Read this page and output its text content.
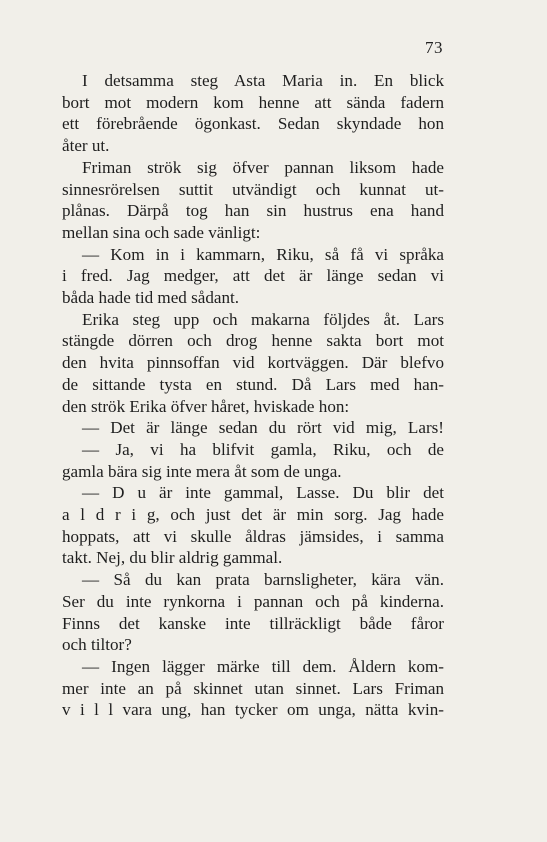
73
I detsamma steg Asta Maria in. En blick
bort mot modern kom henne att sända fadern
ett förebrående ögonkast. Sedan skyndade hon
åter ut.
Friman strök sig öfver pannan liksom hade
sinnesrörelsen suttit utvändigt och kunnat ut-
plånas. Därpå tog han sin hustrus ena hand
mellan sina och sade vänligt:
— Kom in i kammarn, Riku, så få vi språka
i fred. Jag medger, att det är länge sedan vi
båda hade tid med sådant.
Erika steg upp och makarna följdes åt. Lars
stängde dörren och drog henne sakta bort mot
den hvita pinnsoffan vid kortväggen. Där blefvo
de sittande tysta en stund. Då Lars med han-
den strök Erika öfver håret, hviskade hon:
— Det är länge sedan du rört vid mig, Lars!
— Ja, vi ha blifvit gamla, Riku, och de
gamla bära sig inte mera åt som de unga.
— D u är inte gammal, Lasse. Du blir det
a l d r i g, och just det är min sorg. Jag hade
hoppats, att vi skulle åldras jämsides, i samma
takt. Nej, du blir aldrig gammal.
— Så du kan prata barnsligheter, kära vän.
Ser du inte rynkorna i pannan och på kinderna.
Finns det kanske inte tillräckligt både fåror
och tiltor?
— Ingen lägger märke till dem. Åldern kom-
mer inte an på skinnet utan sinnet. Lars Friman
v i l l vara ung, han tycker om unga, nätta kvin-
